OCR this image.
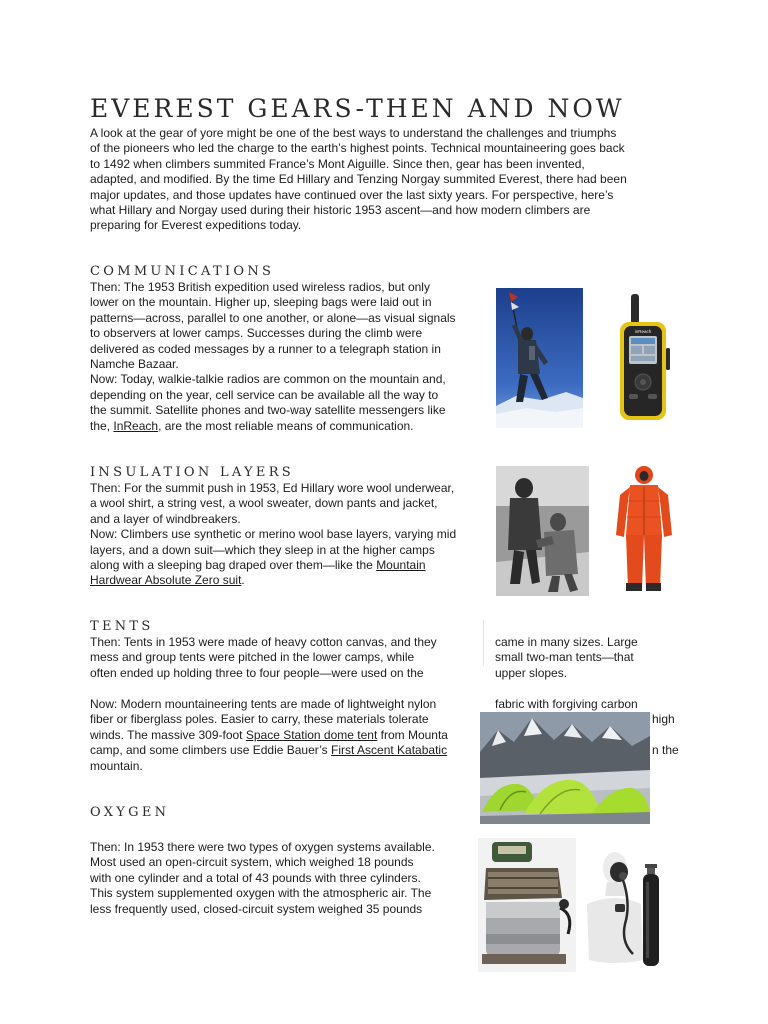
EVEREST GEARS-THEN AND NOW
A look at the gear of yore might be one of the best ways to understand the challenges and triumphs
of the pioneers who led the charge to the earth’s highest points. Technical mountaineering goes back
to 1492 when climbers summited France’s Mont Aiguille. Since then, gear has been invented,
adapted, and modified. By the time Ed Hillary and Tenzing Norgay summited Everest, there had been
major updates, and those updates have continued over the last sixty years. For perspective, here’s
what Hillary and Norgay used during their historic 1953 ascent—and how modern climbers are
preparing for Everest expeditions today.
COMMUNICATIONS
Then: The 1953 British expedition used wireless radios, but only
lower on the mountain. Higher up, sleeping bags were laid out in
patterns—across, parallel to one another, or alone—as visual signals
to observers at lower camps. Successes during the climb were
delivered as coded messages by a runner to a telegraph station in
Namche Bazaar.
Now: Today, walkie-talkie radios are common on the mountain and,
depending on the year, cell service can be available all the way to
the summit. Satellite phones and two-way satellite messengers like
the, InReach, are the most reliable means of communication.
inReach
INSULATION LAYERS
Then: For the summit push in 1953, Ed Hillary wore wool underwear,
a wool shirt, a string vest, a wool sweater, down pants and jacket,
and a layer of windbreakers.
Now: Climbers use synthetic or merino wool base layers, varying mid
layers, and a down suit—which they sleep in at the higher camps
along with a sleeping bag draped over them—like the Mountain
Hardwear Absolute Zero suit.
TENTS
Then: Tents in 1953 were made of heavy cotton canvas, and they
mess and group tents were pitched in the lower camps, while
often ended up holding three to four people—were used on the
came in many sizes. Large
small two-man tents—that
upper slopes.
Now: Modern mountaineering tents are made of lightweight nylon
fiber or fiberglass poles. Easier to carry, these materials tolerate
winds. The massive 309-foot Space Station dome tent from Mounta
camp, and some climbers use Eddie Bauer’s First Ascent Katabatic
mountain.
fabric with forgiving carbon
high
n the
OXYGEN
Then: In 1953 there were two types of oxygen systems available.
Most used an open-circuit system, which weighed 18 pounds
with one cylinder and a total of 43 pounds with three cylinders.
This system supplemented oxygen with the atmospheric air. The
less frequently used, closed-circuit system weighed 35 pounds
